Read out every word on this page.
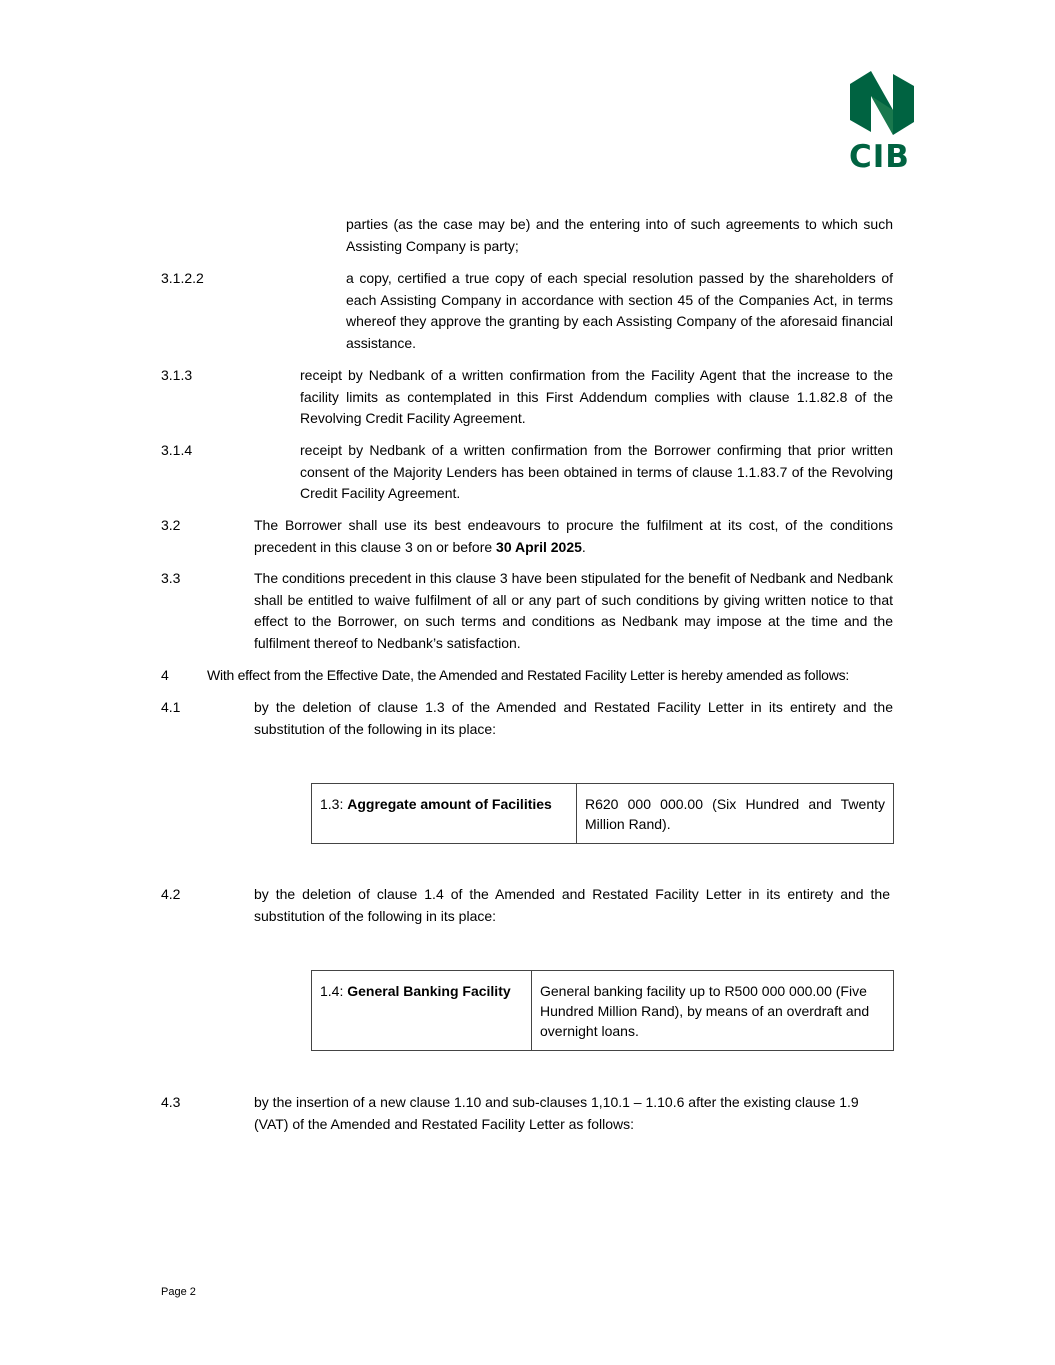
CIB

parties (as the case may be) and the entering into of such agreements to which such Assisting Company is party;

3.1.2.2	a copy, certified a true copy of each special resolution passed by the shareholders of each Assisting Company in accordance with section 45 of the Companies Act, in terms whereof they approve the granting by each Assisting Company of the aforesaid financial assistance.

3.1.3	receipt by Nedbank of a written confirmation from the Facility Agent that the increase to the facility limits as contemplated in this First Addendum complies with clause 1.1.82.8 of the Revolving Credit Facility Agreement.

3.1.4	receipt by Nedbank of a written confirmation from the Borrower confirming that prior written consent of the Majority Lenders has been obtained in terms of clause 1.1.83.7 of the Revolving Credit Facility Agreement.

3.2	The Borrower shall use its best endeavours to procure the fulfilment at its cost, of the conditions precedent in this clause 3 on or before 30 April 2025.

3.3	The conditions precedent in this clause 3 have been stipulated for the benefit of Nedbank and Nedbank shall be entitled to waive fulfilment of all or any part of such conditions by giving written notice to that effect to the Borrower, on such terms and conditions as Nedbank may impose at the time and the fulfilment thereof to Nedbank’s satisfaction.

4	With effect from the Effective Date, the Amended and Restated Facility Letter is hereby amended as follows:

4.1	by the deletion of clause 1.3 of the Amended and Restated Facility Letter in its entirety and the substitution of the following in its place:

1.3: Aggregate amount of Facilities	R620 000 000.00 (Six Hundred and Twenty Million Rand).
4.2	by the deletion of clause 1.4 of the Amended and Restated Facility Letter in its entirety and the substitution of the following in its place:

1.4: General Banking Facility	General banking facility up to R500 000 000.00 (Five Hundred Million Rand), by means of an overdraft and overnight loans.
4.3	by the insertion of a new clause 1.10 and sub-clauses 1,10.1 – 1.10.6 after the existing clause 1.9 (VAT) of the Amended and Restated Facility Letter as follows:

Page 2
